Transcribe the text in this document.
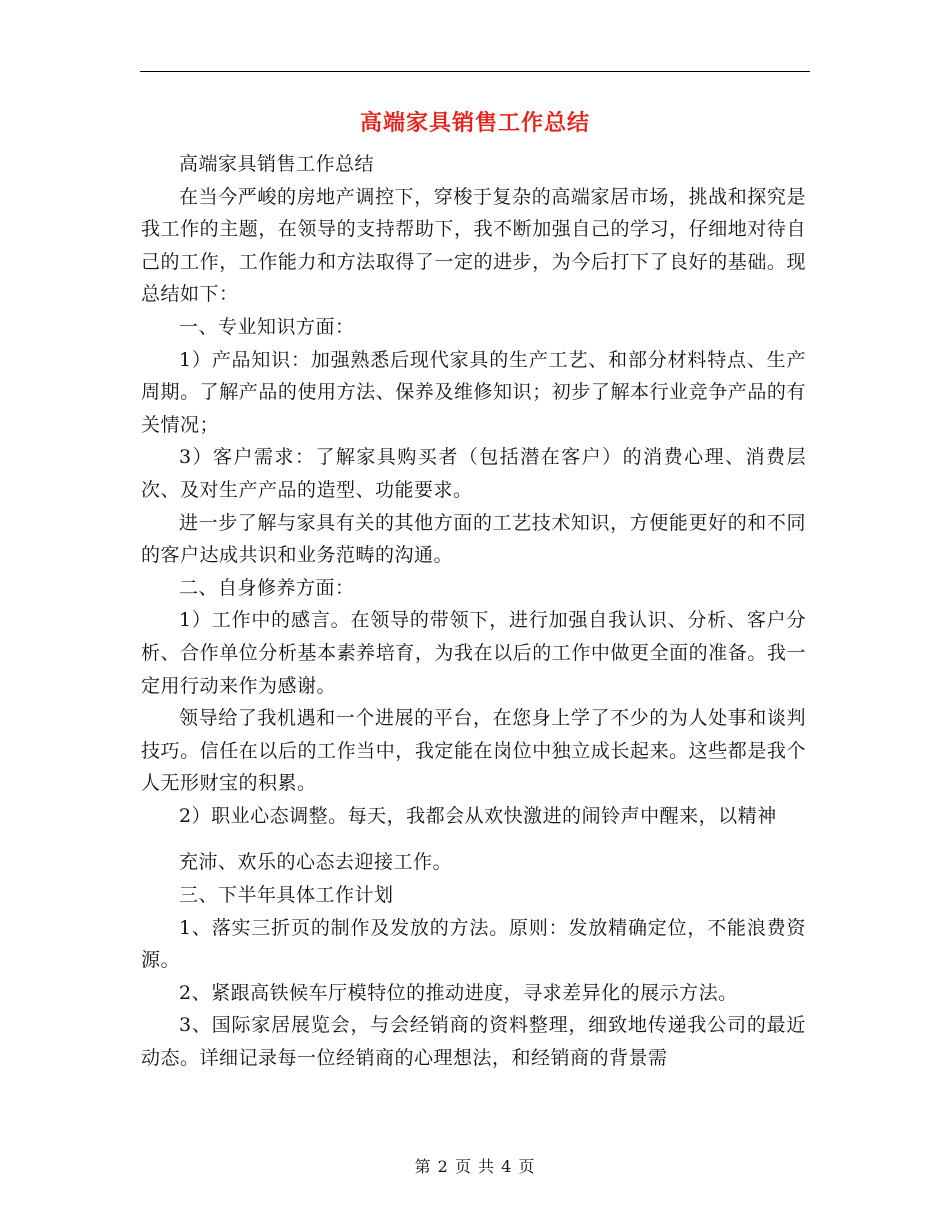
高端家具销售工作总结

高端家具销售工作总结

在当今严峻的房地产调控下，穿梭于复杂的高端家居市场，挑战和探究是我工作的主题，在领导的支持帮助下，我不断加强自己的学习，仔细地对待自己的工作，工作能力和方法取得了一定的进步，为今后打下了良好的基础。现总结如下：

一、专业知识方面：

1）产品知识：加强熟悉后现代家具的生产工艺、和部分材料特点、生产周期。了解产品的使用方法、保养及维修知识；初步了解本行业竞争产品的有关情况；

3）客户需求：了解家具购买者（包括潜在客户）的消费心理、消费层次、及对生产产品的造型、功能要求。

进一步了解与家具有关的其他方面的工艺技术知识，方便能更好的和不同的客户达成共识和业务范畴的沟通。

二、自身修养方面：

1）工作中的感言。在领导的带领下，进行加强自我认识、分析、客户分析、合作单位分析基本素养培育，为我在以后的工作中做更全面的准备。我一定用行动来作为感谢。

领导给了我机遇和一个进展的平台，在您身上学了不少的为人处事和谈判技巧。信任在以后的工作当中，我定能在岗位中独立成长起来。这些都是我个人无形财宝的积累。

2）职业心态调整。每天，我都会从欢快激进的闹铃声中醒来，以精神

充沛、欢乐的心态去迎接工作。

三、下半年具体工作计划

1、落实三折页的制作及发放的方法。原则：发放精确定位，不能浪费资源。

2、紧跟高铁候车厅模特位的推动进度，寻求差异化的展示方法。

3、国际家居展览会，与会经销商的资料整理，细致地传递我公司的最近动态。详细记录每一位经销商的心理想法，和经销商的背景需

第 2 页 共 4 页
